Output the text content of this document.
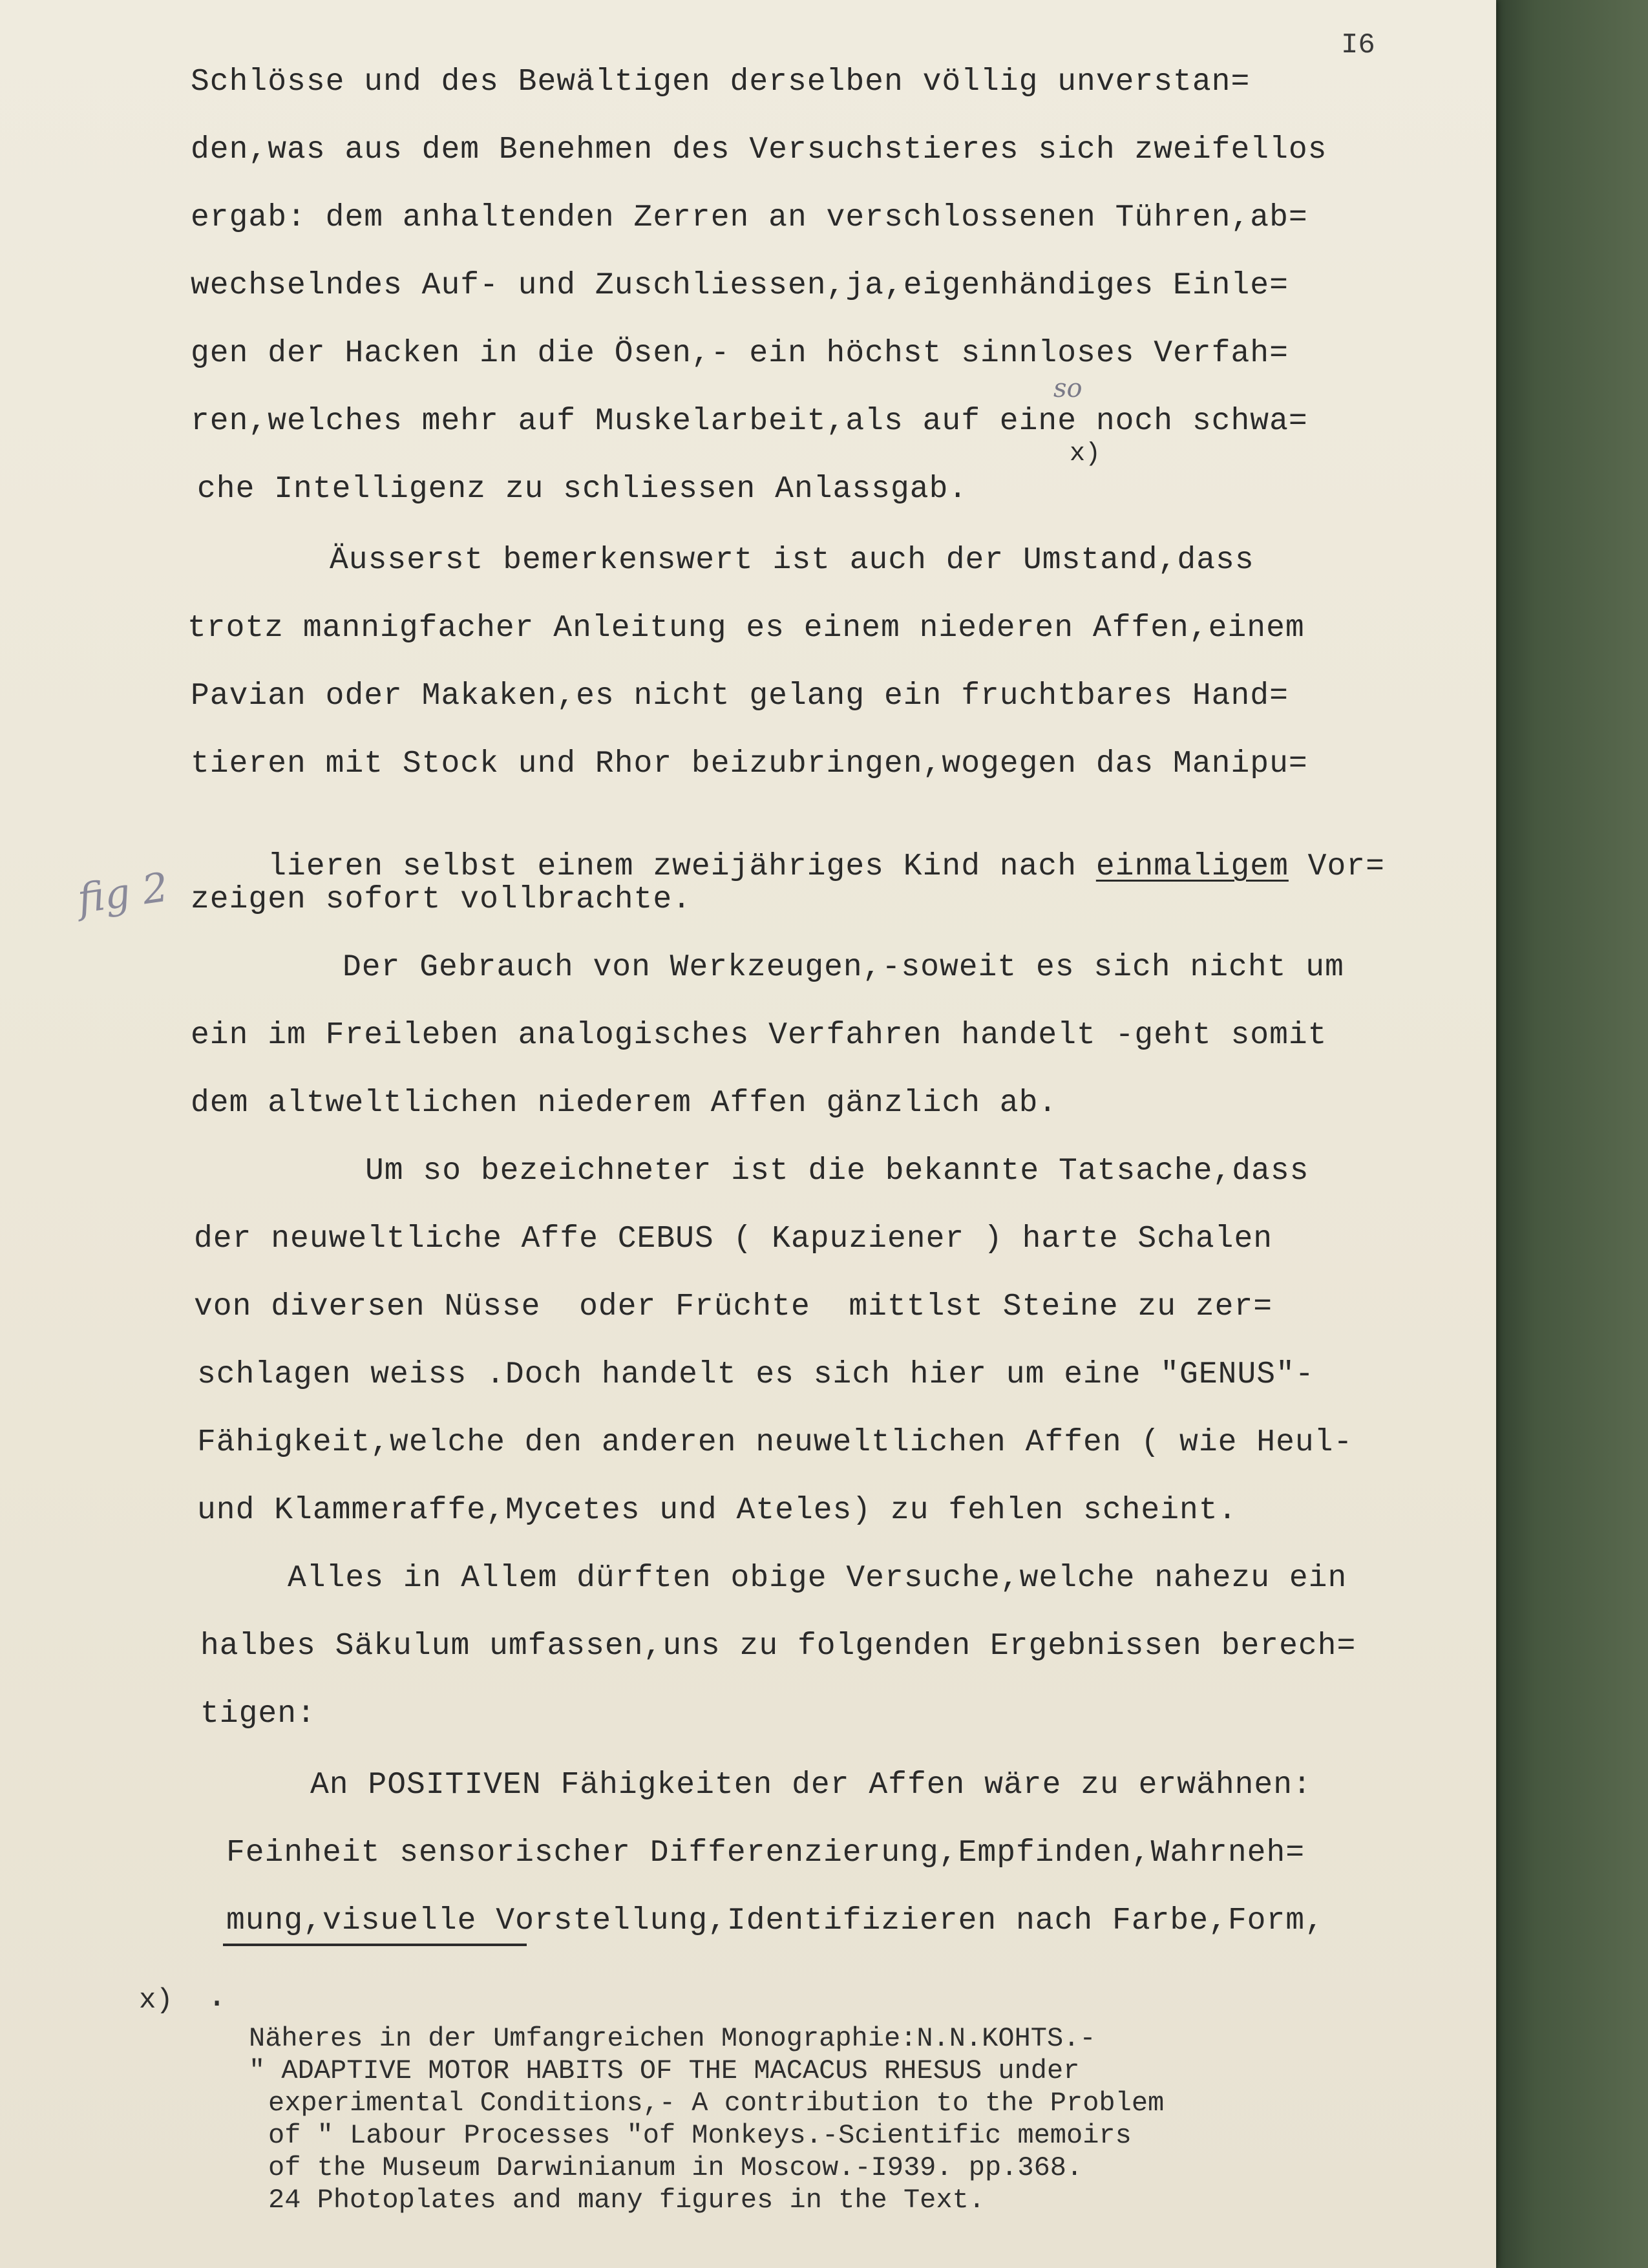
I6
Schlösse und des Bewältigen derselben völlig unverstan=
den,was aus dem Benehmen des Versuchstieres sich zweifellos
ergab: dem anhaltenden Zerren an verschlossenen Tühren,ab=
wechselndes Auf- und Zuschliessen,ja,eigenhändiges Einle=
gen der Hacken in die Ösen,- ein höchst sinnloses Verfah=
ren,welches mehr auf Muskelarbeit,als auf eine noch schwa=
so
x)
che Intelligenz zu schliessen Anlassgab.
Äusserst bemerkenswert ist auch der Umstand,dass
trotz mannigfacher Anleitung es einem niederen Affen,einem
Pavian oder Makaken,es nicht gelang ein fruchtbares Hand=
tieren mit Stock und Rhor beizubringen,wogegen das Manipu=

lieren selbst einem zweijähriges Kind nach einmaligem Vor=

fig 2 zeigen sofort vollbrachte.
Der Gebrauch von Werkzeugen,-soweit es sich nicht um
ein im Freileben analogisches Verfahren handelt -geht somit
dem altweltlichen niederem Affen gänzlich ab.
Um so bezeichneter ist die bekannte Tatsache,dass
der neuweltliche Affe CEBUS ( Kapuziener ) harte Schalen
von diversen Nüsse  oder Früchte  mittlst Steine zu zer=
schlagen weiss .Doch handelt es sich hier um eine "GENUS"-
Fähigkeit,welche den anderen neuweltlichen Affen ( wie Heul-
und Klammeraffe,Mycetes und Ateles) zu fehlen scheint.
Alles in Allem dürften obige Versuche,welche nahezu ein
halbes Säkulum umfassen,uns zu folgenden Ergebnissen berech=
tigen:
An POSITIVEN Fähigkeiten der Affen wäre zu erwähnen:
Feinheit sensorischer Differenzierung,Empfinden,Wahrneh=
mung,visuelle Vorstellung,Identifizieren nach Farbe,Form,
x) .
Näheres in der Umfangreichen Monographie:N.N.KOHTS.-
" ADAPTIVE MOTOR HABITS OF THE MACACUS RHESUS under
experimental Conditions,- A contribution to the Problem
of " Labour Processes "of Monkeys.-Scientific memoirs
of the Museum Darwinianum in Moscow.-I939. pp.368.
24 Photoplates and many figures in the Text.
